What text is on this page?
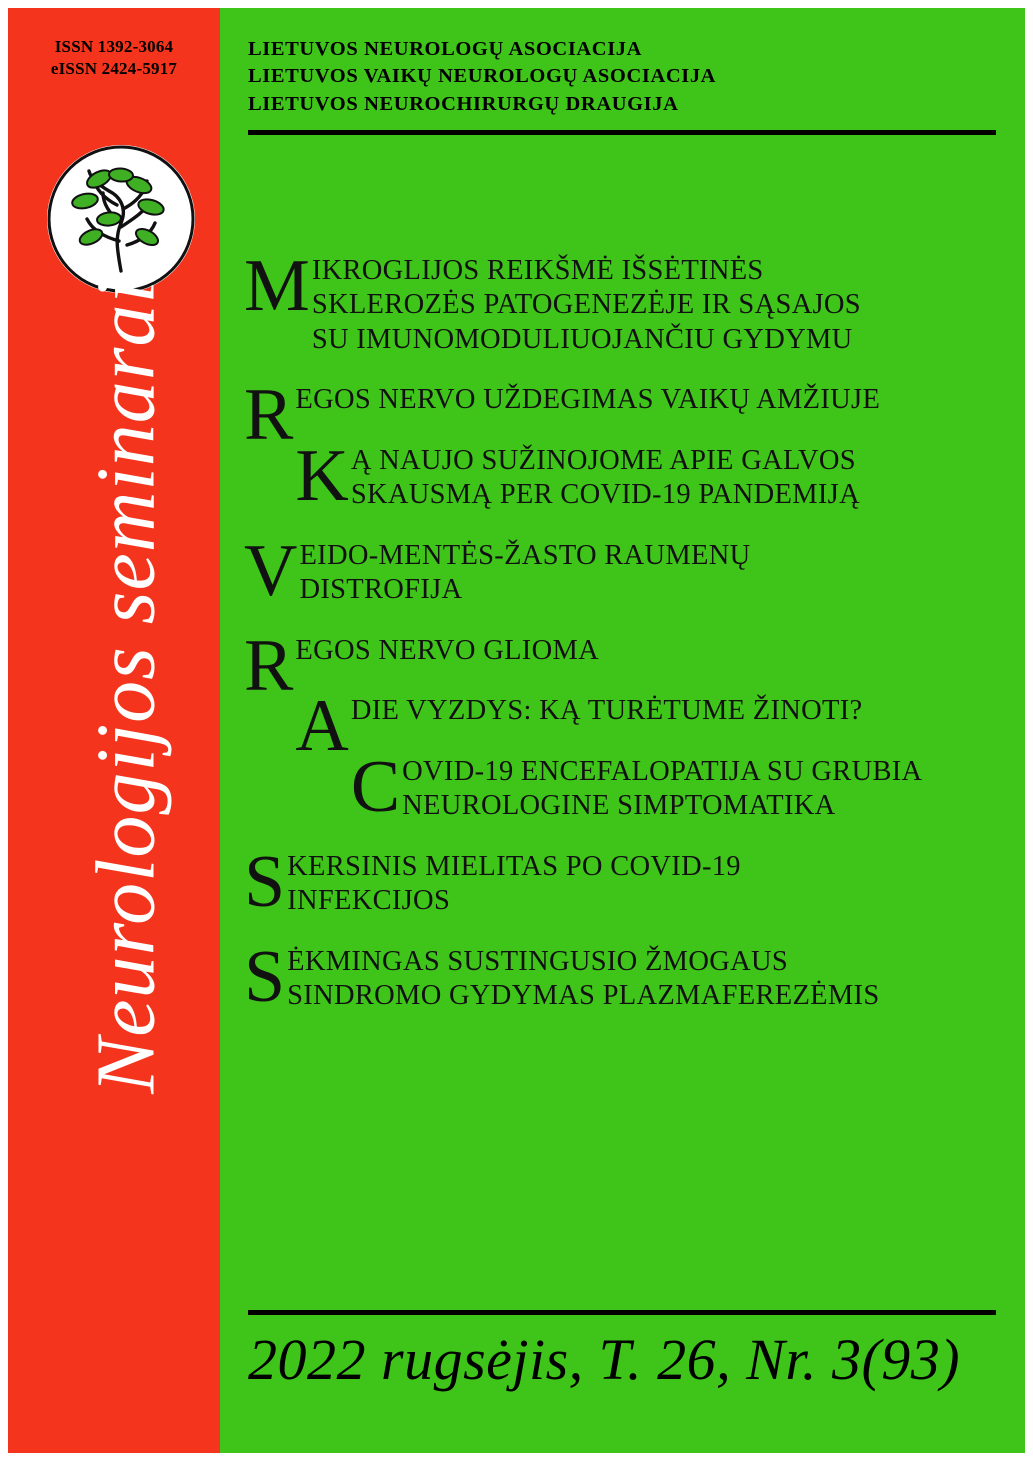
ISSN 1392-3064
eISSN 2424-5917
Neurologijos seminarai
LIETUVOS NEUROLOGŲ ASOCIACIJA
LIETUVOS VAIKŲ NEUROLOGŲ ASOCIACIJA
LIETUVOS NEUROCHIRURGŲ DRAUGIJA
M IKROGLIJOS REIKŠMĖ IŠSĖTINĖS

SKLEROZĖS PATOGENEZĖJE IR SĄSAJOS

SU IMUNOMODULIUOJANČIU GYDYMU

R EGOS NERVO UŽDEGIMAS VAIKŲ AMŽIUJE

K Ą NAUJO SUŽINOJOME APIE GALVOS

SKAUSMĄ PER COVID-19 PANDEMIJĄ

V EIDO-MENTĖS-ŽASTO RAUMENŲ

DISTROFIJA

R EGOS NERVO GLIOMA

A DIE VYZDYS: KĄ TURĖTUME ŽINOTI?

C OVID-19 ENCEFALOPATIJA SU GRUBIA

NEUROLOGINE SIMPTOMATIKA

S KERSINIS MIELITAS PO COVID-19

INFEKCIJOS

S ĖKMINGAS SUSTINGUSIO ŽMOGAUS

SINDROMO GYDYMAS PLAZMAFEREZĖMIS

2022 rugsėjis, T. 26, Nr. 3(93)
